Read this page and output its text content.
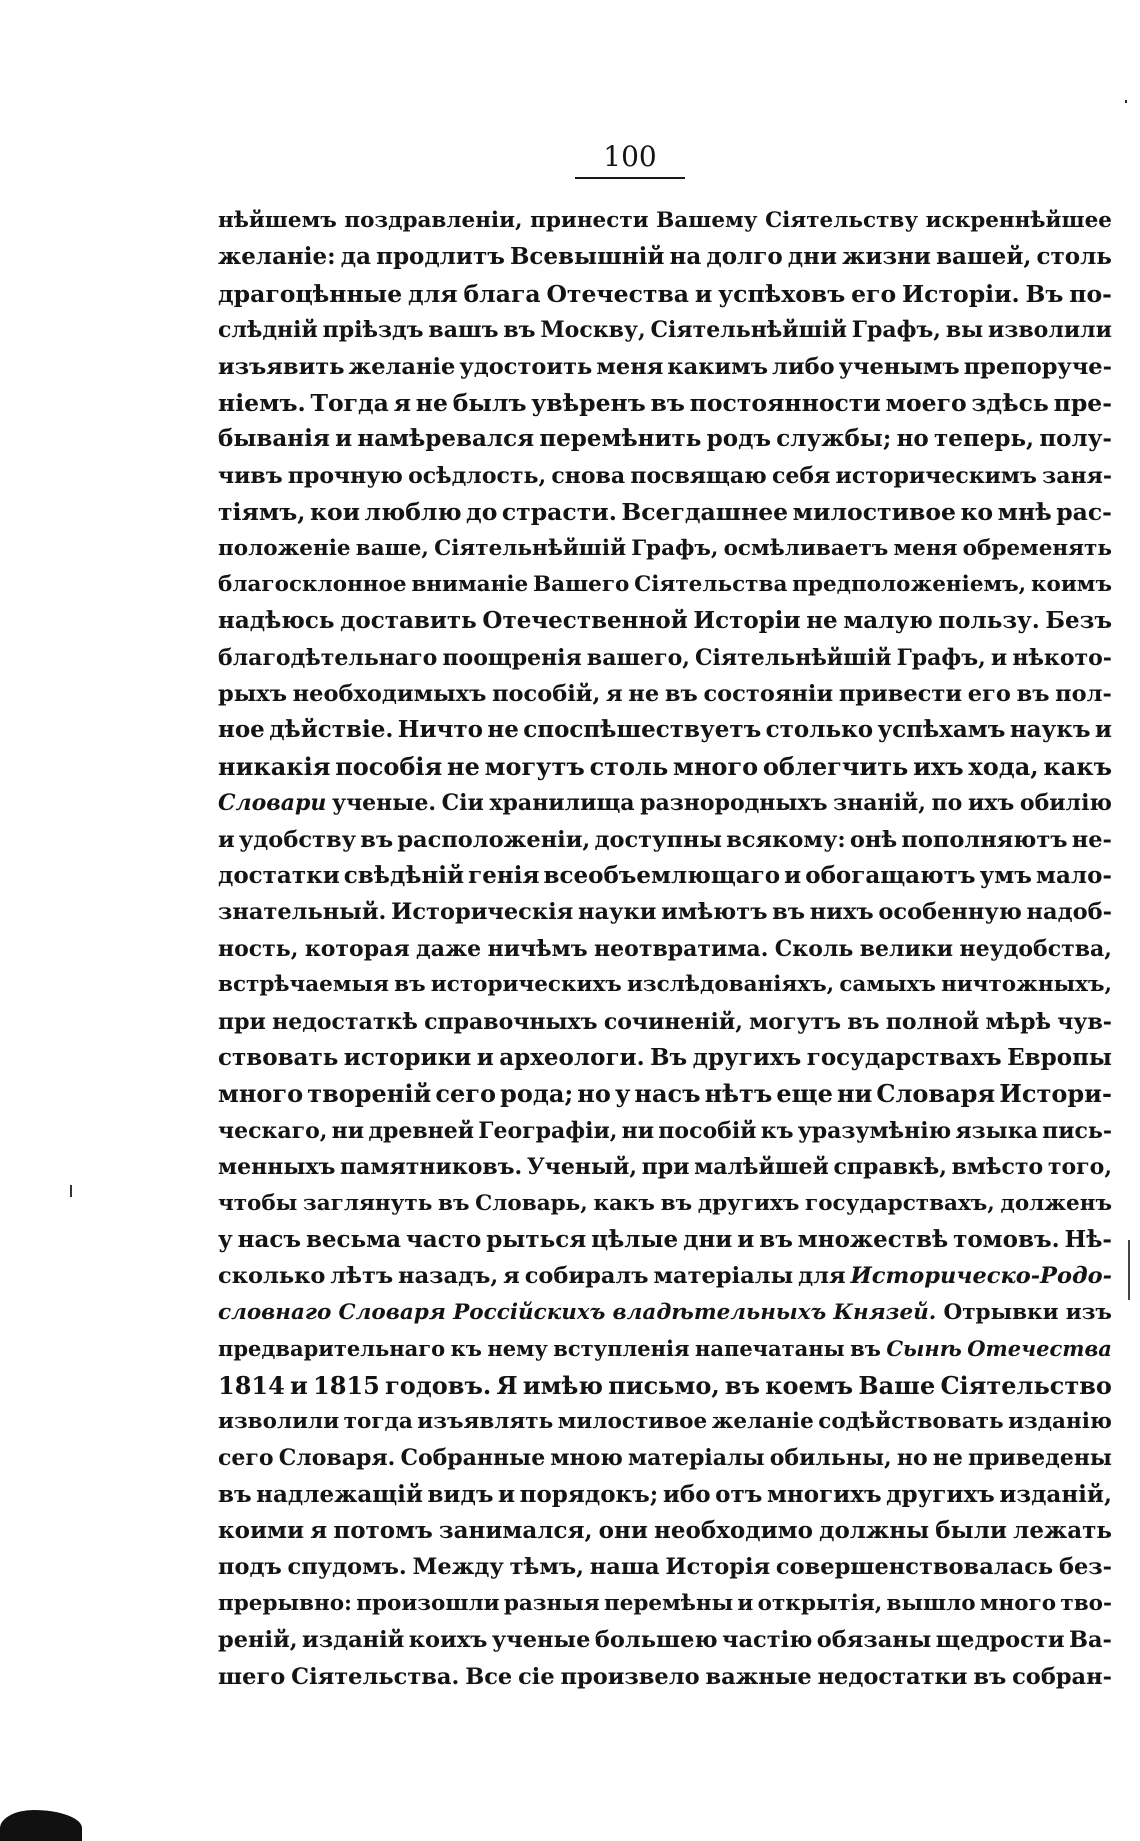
100
нѣйшемъ поздравленіи, принести Вашему Сіятельству искреннѣйшее
желаніе: да продлитъ Всевышній на долго дни жизни вашей, столь
драгоцѣнные для блага Отечества и успѣховъ его Исторіи. Въ по-
слѣдній пріѣздъ вашъ въ Москву, Сіятельнѣйшій Графъ, вы изволили
изъявить желаніе удостоить меня какимъ либо ученымъ препоруче-
ніемъ. Тогда я не былъ увѣренъ въ постоянности моего здѣсь пре-
быванія и намѣревался перемѣнить родъ службы; но теперь, полу-
чивъ прочную осѣдлость, снова посвящаю себя историческимъ заня-
тіямъ, кои люблю до страсти. Всегдашнее милостивое ко мнѣ рас-
положеніе ваше, Сіятельнѣйшій Графъ, осмѣливаетъ меня обременять
благосклонное вниманіе Вашего Сіятельства предположеніемъ, коимъ
надѣюсь доставить Отечественной Исторіи не малую пользу. Безъ
благодѣтельнаго поощренія вашего, Сіятельнѣйшій Графъ, и нѣкото-
рыхъ необходимыхъ пособій, я не въ состояніи привести его въ пол-
ное дѣйствіе. Ничто не споспѣшествуетъ столько успѣхамъ наукъ и
никакія пособія не могутъ столь много облегчить ихъ хода, какъ
Словари ученые. Сіи хранилища разнородныхъ знаній, по ихъ обилію
и удобству въ расположеніи, доступны всякому: онѣ пополняютъ не-
достатки свѣдѣній генія всеобъемлющаго и обогащаютъ умъ мало-
знательный. Историческія науки имѣютъ въ нихъ особенную надоб-
ность, которая даже ничѣмъ неотвратима. Сколь велики неудобства,
встрѣчаемыя въ историческихъ изслѣдованіяхъ, самыхъ ничтожныхъ,
при недостаткѣ справочныхъ сочиненій, могутъ въ полной мѣрѣ чув-
ствовать историки и археологи. Въ другихъ государствахъ Европы
много твореній сего рода; но у насъ нѣтъ еще ни Словаря Истори-
ческаго, ни древней Географіи, ни пособій къ уразумѣнію языка пись-
менныхъ памятниковъ. Ученый, при малѣйшей справкѣ, вмѣсто того,
чтобы заглянуть въ Словарь, какъ въ другихъ государствахъ, долженъ
у насъ весьма часто рыться цѣлые дни и въ множествѣ томовъ. Нѣ-
сколько лѣтъ назадъ, я собиралъ матеріалы для Историческо-Родо-
словнаго Словаря Россійскихъ владѣтельныхъ Князей. Отрывки изъ
предварительнаго къ нему вступленія напечатаны въ Сынѣ Отечества
1814 и 1815 годовъ. Я имѣю письмо, въ коемъ Ваше Сіятельство
изволили тогда изъявлять милостивое желаніе содѣйствовать изданію
сего Словаря. Собранные мною матеріалы обильны, но не приведены
въ надлежащій видъ и порядокъ; ибо отъ многихъ другихъ изданій,
коими я потомъ занимался, они необходимо должны были лежать
подъ спудомъ. Между тѣмъ, наша Исторія совершенствовалась без-
прерывно: произошли разныя перемѣны и открытія, вышло много тво-
реній, изданій коихъ ученые большею частію обязаны щедрости Ва-
шего Сіятельства. Все сіе произвело важные недостатки въ собран-
